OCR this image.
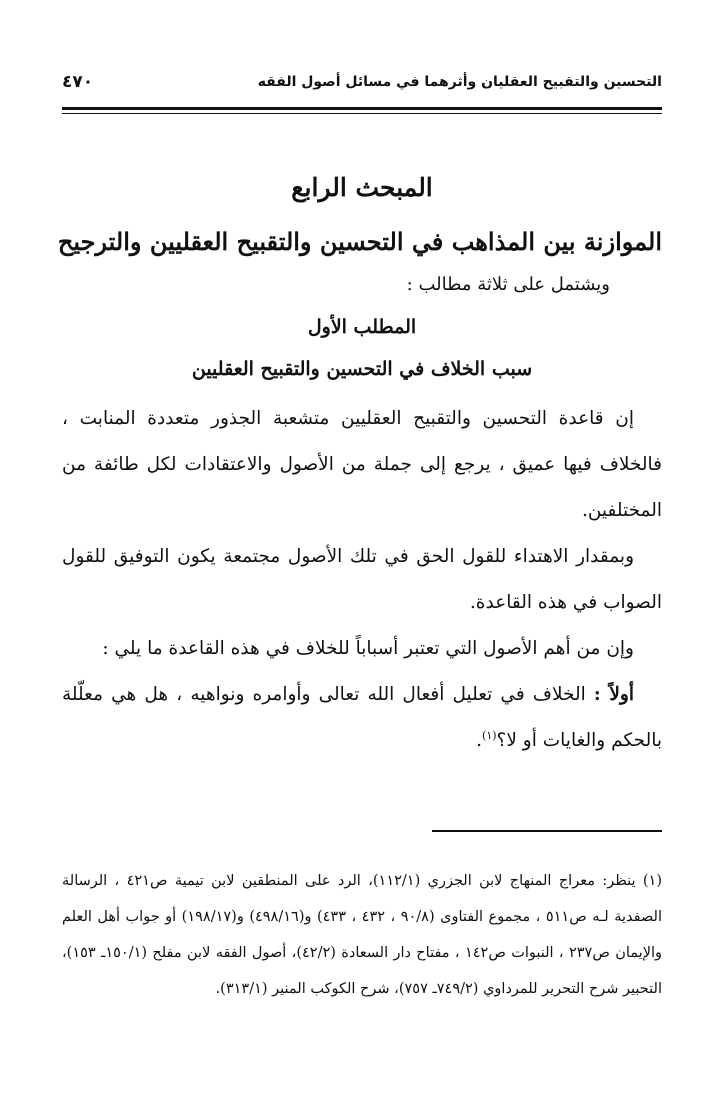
التحسين والتقبيح العقليان وأثرهما في مسائل أصول الفقه
٤٧٠
المبحث الرابع
الموازنة بين المذاهب في التحسين والتقبيح العقليين والترجيح

ويشتمل على ثلاثة مطالب :

المطلب الأول
سبب الخلاف في التحسين والتقبيح العقليين

إن قاعدة التحسين والتقبيح العقليين متشعبة الجذور متعددة المنابت ، فالخلاف فيها عميق ، يرجع إلى جملة من الأصول والاعتقادات لكل طائفة من المختلفين.

وبمقدار الاهتداء للقول الحق في تلك الأصول مجتمعة يكون التوفيق للقول الصواب في هذه القاعدة.

وإن من أهم الأصول التي تعتبر أسباباً للخلاف في هذه القاعدة ما يلي :

أولاً : الخلاف في تعليل أفعال الله تعالى وأوامره ونواهيه ، هل هي معلّلة بالحكم والغايات أو لا؟$^{(١)}$.

(١) ينظر: معراج المنهاج لابن الجزري (١١٢/١)، الرد على المنطقين لابن تيمية ص٤٢١ ، الرسالة الصفدية لـه ص٥١١ ، مجموع الفتاوى (٩٠/٨ ، ٤٣٢ ، ٤٣٣) و(٤٩٨/١٦) و(١٩٨/١٧) أو جواب أهل العلم والإيمان ص٢٣٧ ، النبوات ص١٤٢ ، مفتاح دار السعادة (٤٢/٢)، أصول الفقه لابن مفلح (١٥٠/١ـ ١٥٣)، التحبير شرح التحرير للمرداوي (٧٤٩/٢ـ ٧٥٧)، شرح الكوكب المنير (٣١٣/١).
